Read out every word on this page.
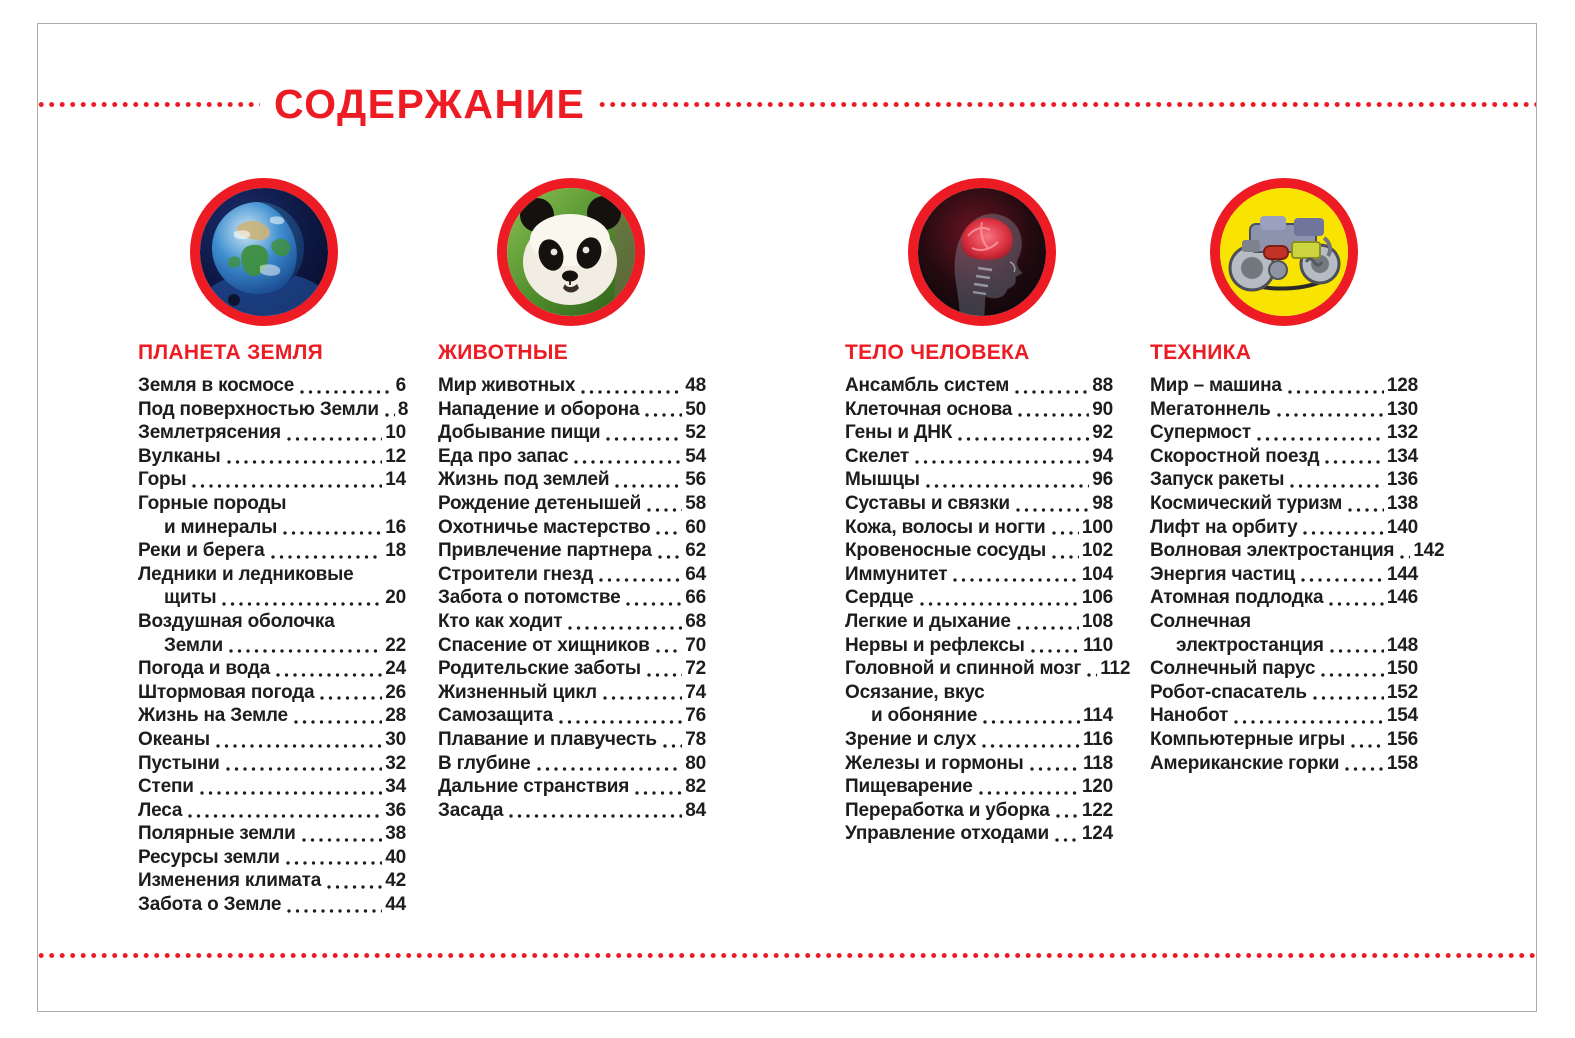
СОДЕРЖАНИЕ
ПЛАНЕТА ЗЕМЛЯ
Земля в космосе	6
Под поверхностью Земли 8
Землетрясения	10
Вулканы	12
Горы	14
Горные породы
и минералы	16
Реки и берега	18
Ледники и ледниковые
щиты	20
Воздушная оболочка
Земли	22
Погода и вода	24
Штормовая погода	26
Жизнь на Земле	28
Океаны	30
Пустыни	32
Степи	34
Леса	36
Полярные земли	38
Ресурсы земли	40
Изменения климата	42
Забота о Земле	44
ЖИВОТНЫЕ
Мир животных	48
Нападение и оборона 50
Добывание пищи	52
Еда про запас	54
Жизнь под землей	56
Рождение детенышей 58
Охотничье мастерство 60
Привлечение партнера 62
Строители гнезд	64
Забота о потомстве	66
Кто как ходит	68
Спасение от хищников 70
Родительские заботы 72
Жизненный цикл	74
Самозащита	76
Плавание и плавучесть 78
В глубине	80
Дальние странствия	82
Засада	84
ТЕЛО ЧЕЛОВЕКА
Ансамбль систем	88
Клеточная основа	90
Гены и ДНК	92
Скелет	94
Мышцы	96
Суставы и связки	98
Кожа, волосы и ногти 100
Кровеносные сосуды 102
Иммунитет	104
Сердце	106
Легкие и дыхание	108
Нервы и рефлексы	110
Головной и спинной мозг 112
Осязание, вкус
и обоняние	114
Зрение и слух	116
Железы и гормоны	118
Пищеварение	120
Переработка и уборка 122
Управление отходами 124
ТЕХНИКА
Мир – машина	128
Мегатоннель	130
Супермост	132
Скоростной поезд	134
Запуск ракеты	136
Космический туризм 138
Лифт на орбиту	140
Волновая электростанция 142
Энергия частиц	144
Атомная подлодка	146
Солнечная
электростанция	148
Солнечный парус	150
Робот-спасатель	152
Нанобот	154
Компьютерные игры 156
Американские горки	158
